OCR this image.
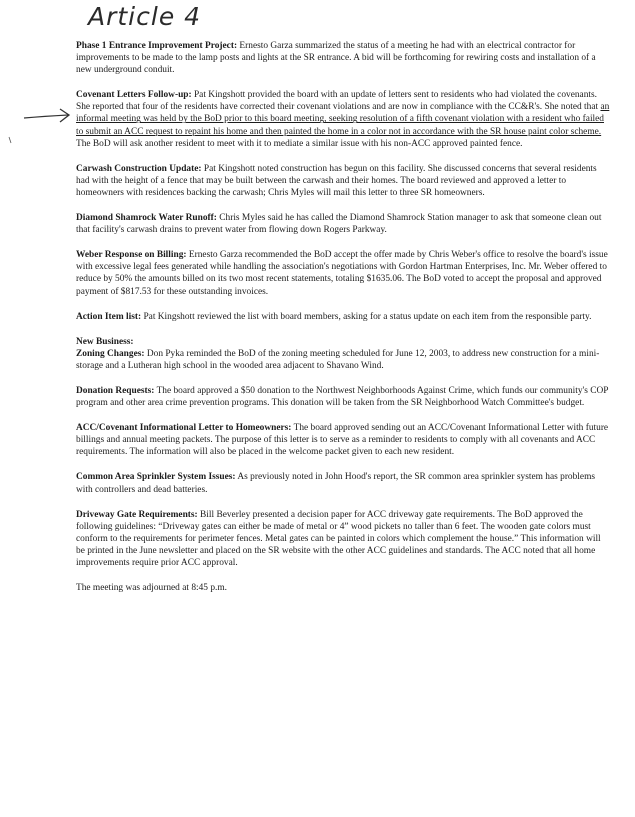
Article 4

Phase 1 Entrance Improvement Project: Ernesto Garza summarized the status of a meeting he had with an electrical contractor for improvements to be made to the lamp posts and lights at the SR entrance. A bid will be forthcoming for rewiring costs and installation of a new underground conduit.

Covenant Letters Follow-up: Pat Kingshott provided the board with an update of letters sent to residents who had violated the covenants. She reported that four of the residents have corrected their covenant violations and are now in compliance with the CC&R's. She noted that an informal meeting was held by the BoD prior to this board meeting, seeking resolution of a fifth covenant violation with a resident who failed to submit an ACC request to repaint his home and then painted the home in a color not in accordance with the SR house paint color scheme. The BoD will ask another resident to meet with it to mediate a similar issue with his non-ACC approved painted fence.

Carwash Construction Update: Pat Kingshott noted construction has begun on this facility. She discussed concerns that several residents had with the height of a fence that may be built between the carwash and their homes. The board reviewed and approved a letter to homeowners with residences backing the carwash; Chris Myles will mail this letter to three SR homeowners.

Diamond Shamrock Water Runoff: Chris Myles said he has called the Diamond Shamrock Station manager to ask that someone clean out that facility's carwash drains to prevent water from flowing down Rogers Parkway.

Weber Response on Billing: Ernesto Garza recommended the BoD accept the offer made by Chris Weber's office to resolve the board's issue with excessive legal fees generated while handling the association's negotiations with Gordon Hartman Enterprises, Inc. Mr. Weber offered to reduce by 50% the amounts billed on its two most recent statements, totaling $1635.06. The BoD voted to accept the proposal and approved payment of $817.53 for these outstanding invoices.

Action Item list: Pat Kingshott reviewed the list with board members, asking for a status update on each item from the responsible party.

New Business:
Zoning Changes: Don Pyka reminded the BoD of the zoning meeting scheduled for June 12, 2003, to address new construction for a mini-storage and a Lutheran high school in the wooded area adjacent to Shavano Wind.

Donation Requests: The board approved a $50 donation to the Northwest Neighborhoods Against Crime, which funds our community's COP program and other area crime prevention programs. This donation will be taken from the SR Neighborhood Watch Committee's budget.

ACC/Covenant Informational Letter to Homeowners: The board approved sending out an ACC/Covenant Informational Letter with future billings and annual meeting packets. The purpose of this letter is to serve as a reminder to residents to comply with all covenants and ACC requirements. The information will also be placed in the welcome packet given to each new resident.

Common Area Sprinkler System Issues: As previously noted in John Hood's report, the SR common area sprinkler system has problems with controllers and dead batteries.

Driveway Gate Requirements: Bill Beverley presented a decision paper for ACC driveway gate requirements. The BoD approved the following guidelines: “Driveway gates can either be made of metal or 4” wood pickets no taller than 6 feet. The wooden gate colors must conform to the requirements for perimeter fences. Metal gates can be painted in colors which complement the house.” This information will be printed in the June newsletter and placed on the SR website with the other ACC guidelines and standards. The ACC noted that all home improvements require prior ACC approval.

The meeting was adjourned at 8:45 p.m.
